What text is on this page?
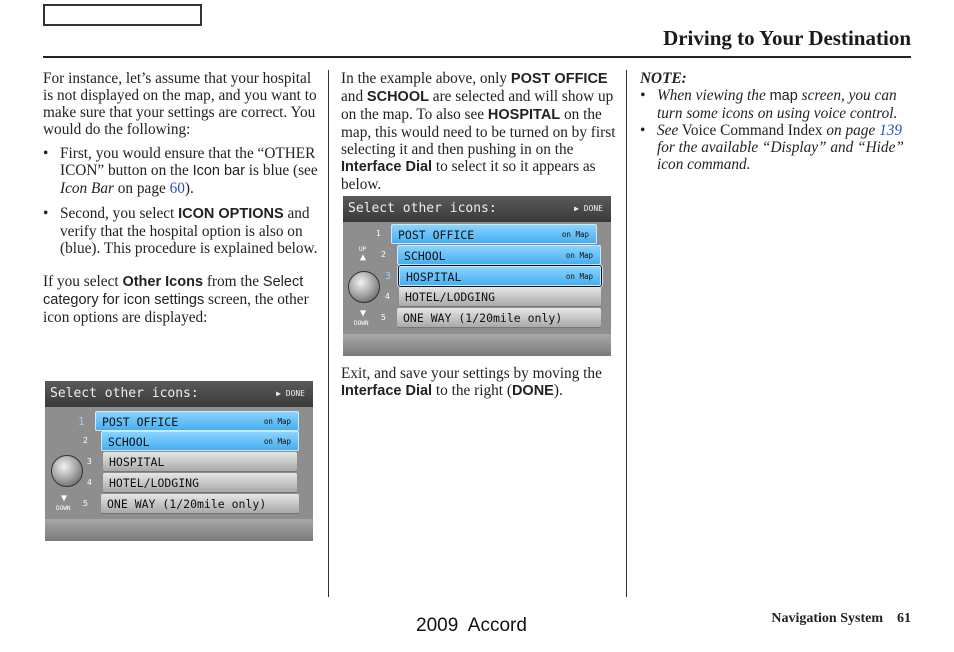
Driving to Your Destination

For instance, let’s assume that your hospital is not displayed on the map, and you want to make sure that your settings are correct. You would do the following:

• First, you would ensure that the “OTHER ICON” button on the Icon bar is blue (see Icon Bar on page 60).

• Second, you select ICON OPTIONS and verify that the hospital option is also on (blue). This procedure is explained below.

If you select Other Icons from the Select category for icon settings screen, the other icon options are displayed:

Select other icons:	▶ DONE
POST OFFICE	on Map
SCHOOL	on Map
HOSPITAL
HOTEL/LODGING
ONE WAY (1/20mile only)
1
2
3
4
5
▼
DOWN

In the example above, only POST OFFICE and SCHOOL are selected and will show up on the map. To also see HOSPITAL on the map, this would need to be turned on by first selecting it and then pushing in on the Interface Dial to select it so it appears as below.

Select other icons:	▶ DONE
POST OFFICE	on Map
SCHOOL	on Map
HOSPITAL	on Map
HOTEL/LODGING
ONE WAY (1/20mile only)
1
2
3
4
5
UP
▲
▼
DOWN

Exit, and save your settings by moving the Interface Dial to the right (DONE).

NOTE:

• When viewing the map screen, you can turn some icons on using voice control.

• See Voice Command Index on page 139 for the available “Display” and “Hide” icon command.

2009  Accord	Navigation System 61
